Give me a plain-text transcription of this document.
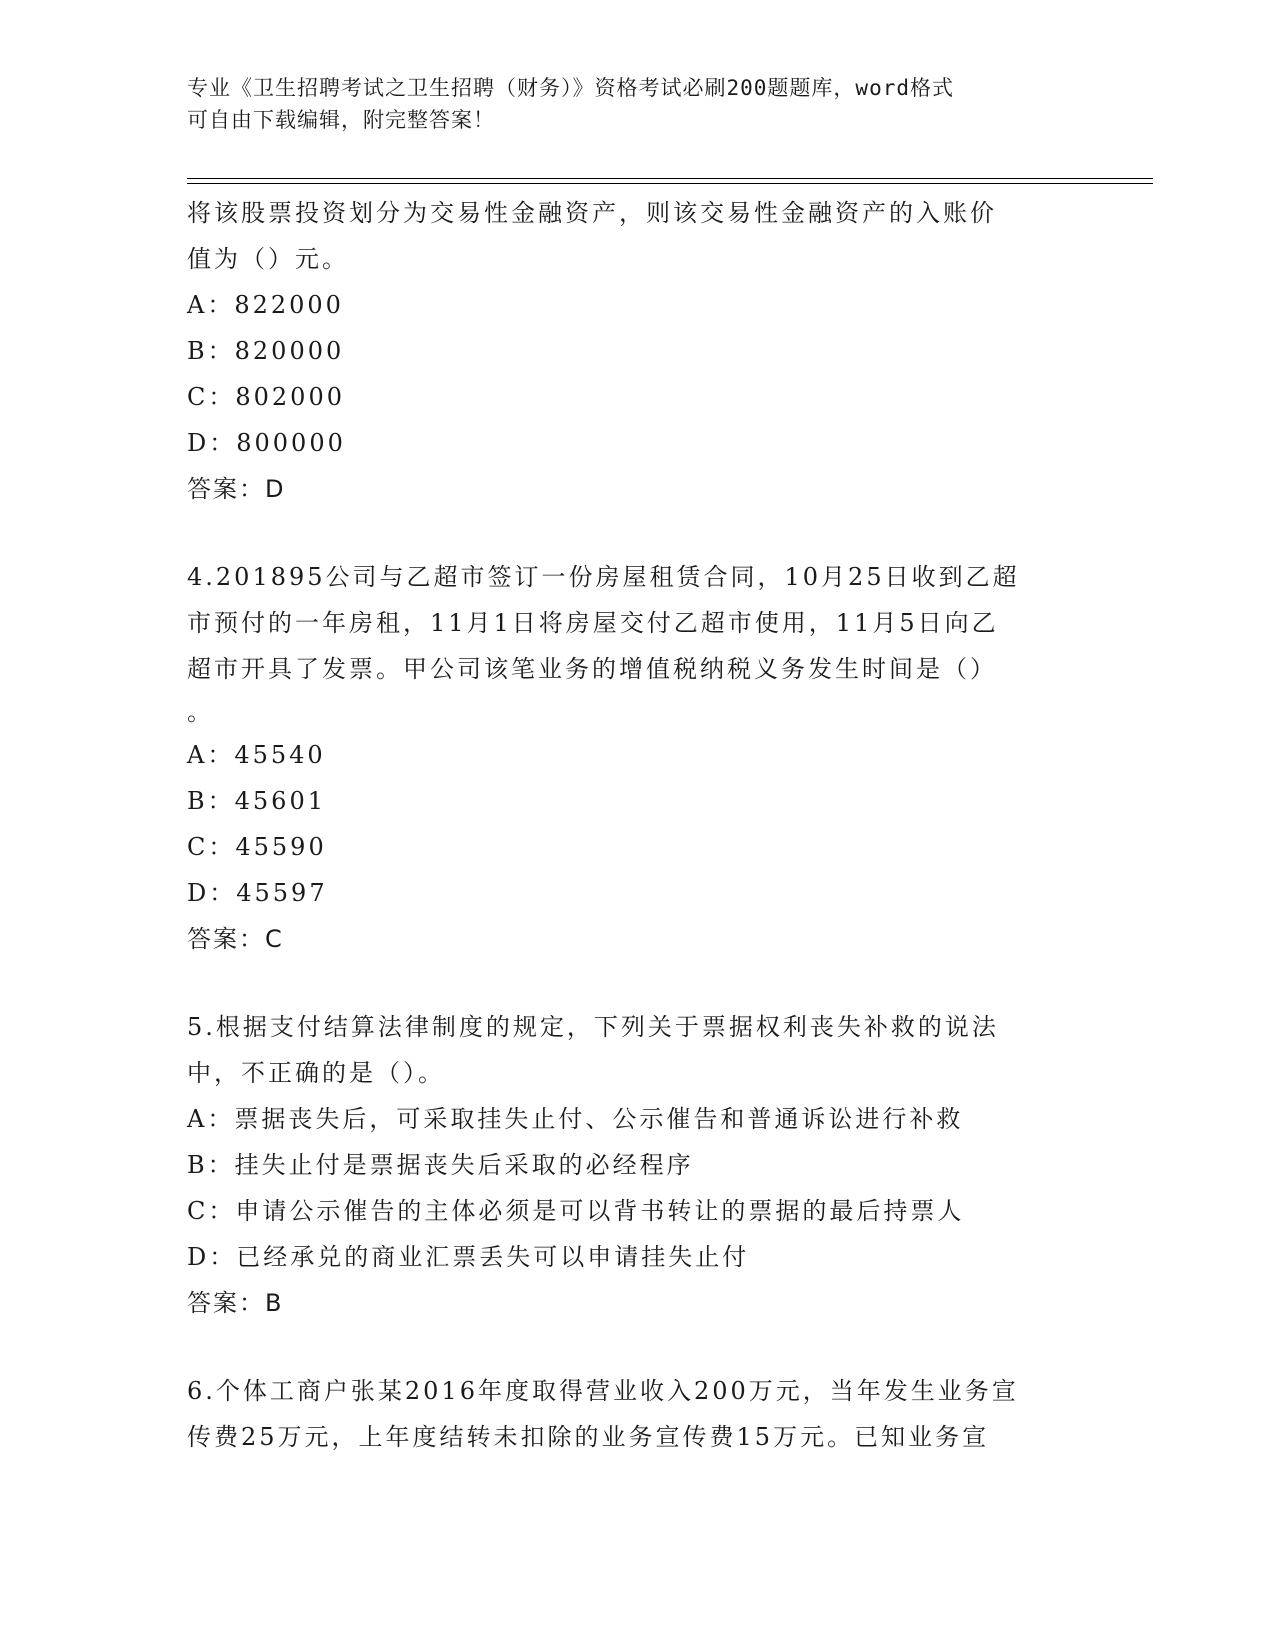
专业《卫生招聘考试之卫生招聘（财务）》资格考试必刷200题题库，word格式
可自由下载编辑，附完整答案！
将该股票投资划分为交易性金融资产，则该交易性金融资产的入账价
值为（）元。
A：822000
B：820000
C：802000
D：800000
答案：D
4.201895公司与乙超市签订一份房屋租赁合同，10月25日收到乙超
市预付的一年房租，11月1日将房屋交付乙超市使用，11月5日向乙
超市开具了发票。甲公司该笔业务的增值税纳税义务发生时间是（）
。
A：45540
B：45601
C：45590
D：45597
答案：C
5.根据支付结算法律制度的规定，下列关于票据权利丧失补救的说法
中，不正确的是（）。
A：票据丧失后，可采取挂失止付、公示催告和普通诉讼进行补救
B：挂失止付是票据丧失后采取的必经程序
C：申请公示催告的主体必须是可以背书转让的票据的最后持票人
D：已经承兑的商业汇票丢失可以申请挂失止付
答案：B
6.个体工商户张某2016年度取得营业收入200万元，当年发生业务宣
传费25万元，上年度结转未扣除的业务宣传费15万元。已知业务宣
